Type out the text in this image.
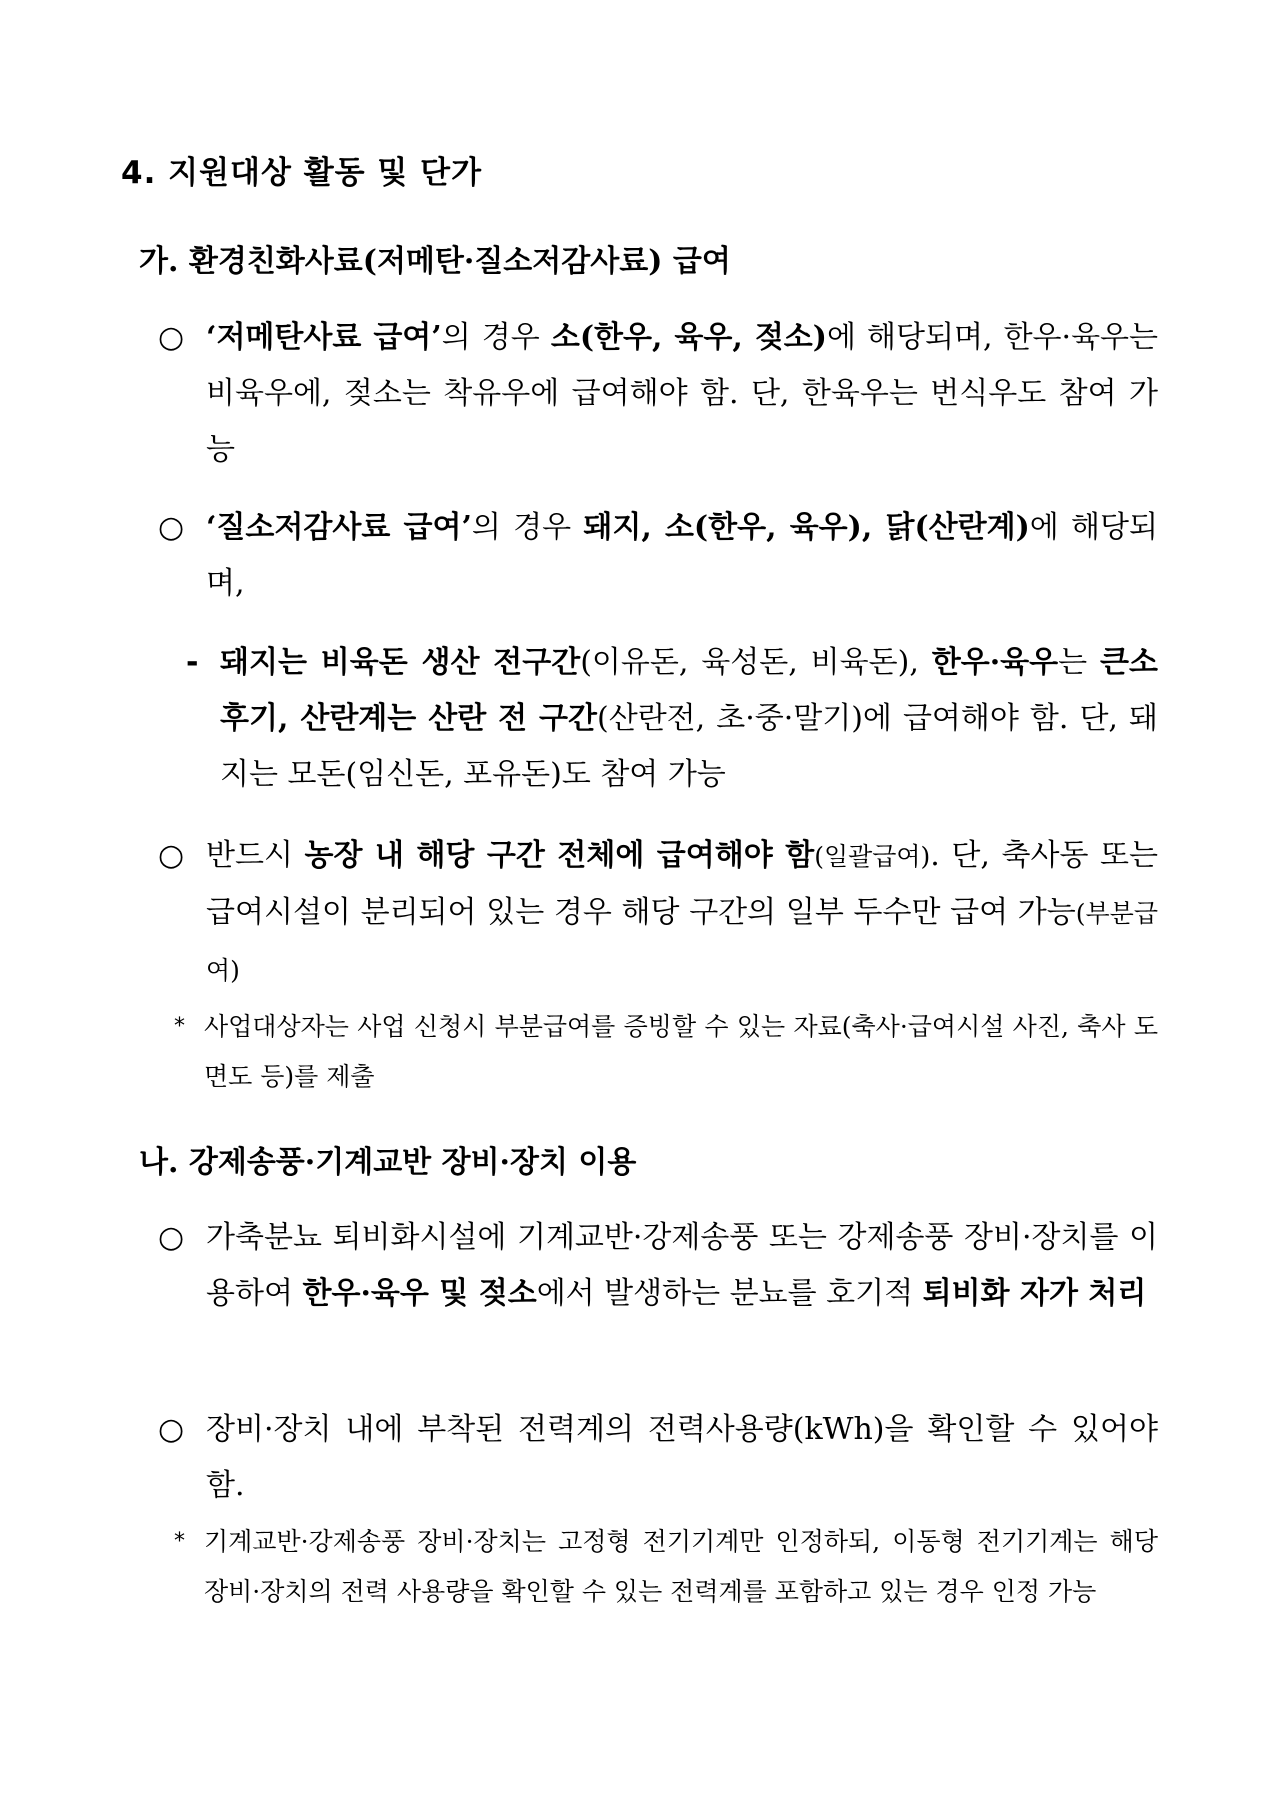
4. 지원대상 활동 및 단가
가. 환경친화사료(저메탄·질소저감사료) 급여
○ ‘저메탄사료 급여’의 경우 소(한우, 육우, 젖소)에 해당되며, 한우·육우는 비육우에, 젖소는 착유우에 급여해야 함. 단, 한육우는 번식우도 참여 가능
○ ‘질소저감사료 급여’의 경우 돼지, 소(한우, 육우), 닭(산란계)에 해당되며,
- 돼지는 비육돈 생산 전구간(이유돈, 육성돈, 비육돈), 한우·육우는 큰소후기, 산란계는 산란 전 구간(산란전, 초·중·말기)에 급여해야 함. 단, 돼지는 모돈(임신돈, 포유돈)도 참여 가능
○ 반드시 농장 내 해당 구간 전체에 급여해야 함(일괄급여). 단, 축사동 또는 급여시설이 분리되어 있는 경우 해당 구간의 일부 두수만 급여 가능(부분급여)
* 사업대상자는 사업 신청시 부분급여를 증빙할 수 있는 자료(축사·급여시설 사진, 축사 도면도 등)를 제출
나. 강제송풍·기계교반 장비·장치 이용
○ 가축분뇨 퇴비화시설에 기계교반·강제송풍 또는 강제송풍 장비·장치를 이용하여 한우·육우 및 젖소에서 발생하는 분뇨를 호기적 퇴비화 자가 처리
○ 장비·장치 내에 부착된 전력계의 전력사용량(kWh)을 확인할 수 있어야 함.
* 기계교반·강제송풍 장비·장치는 고정형 전기기계만 인정하되, 이동형 전기기계는 해당 장비·장치의 전력 사용량을 확인할 수 있는 전력계를 포함하고 있는 경우 인정 가능
